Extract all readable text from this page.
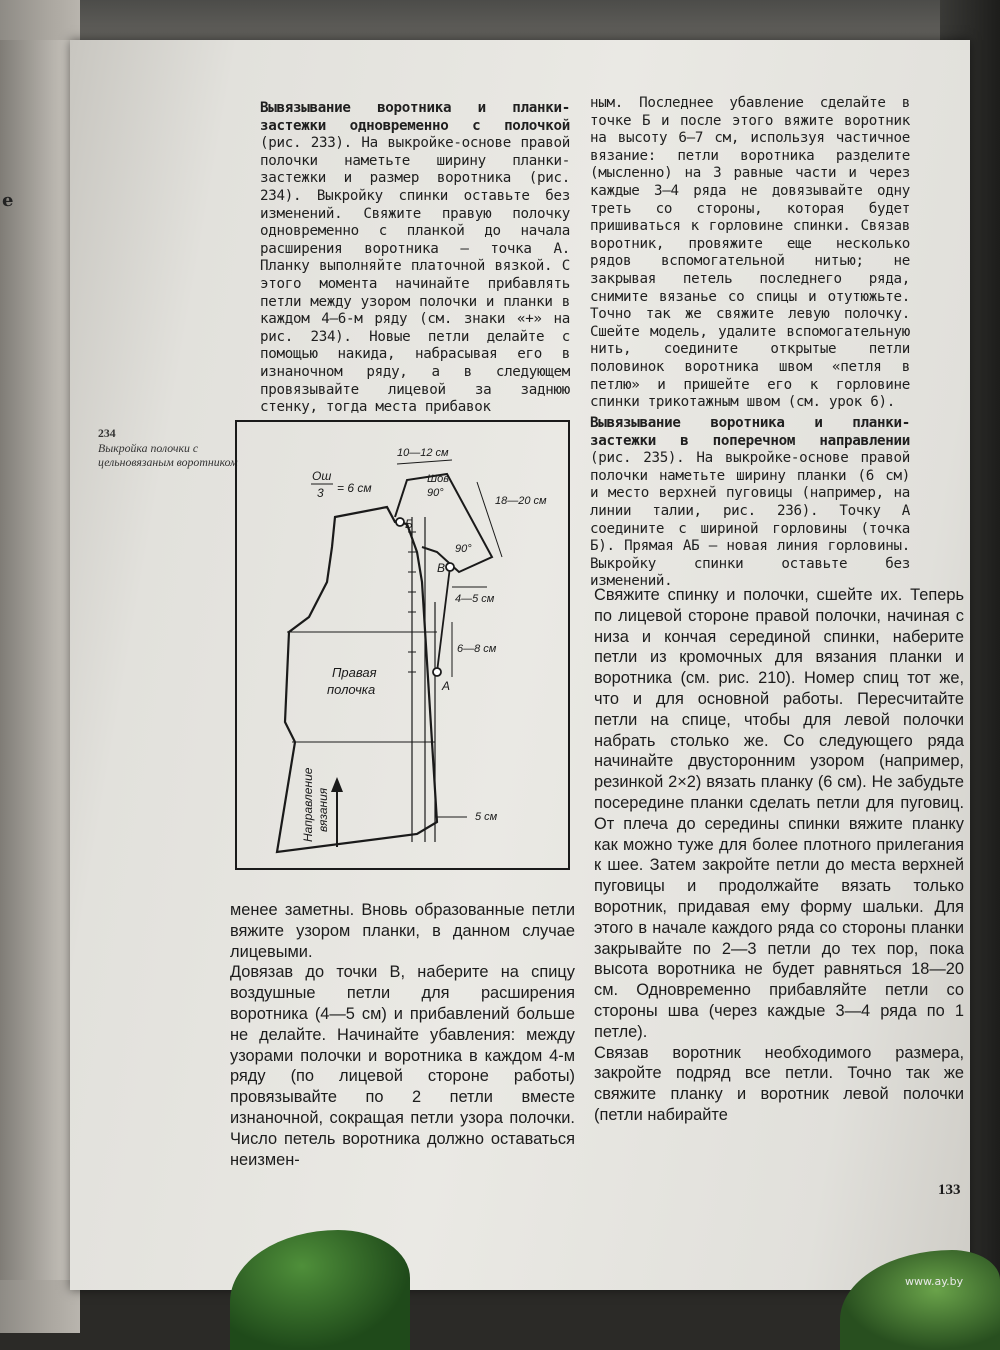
e

Вывязывание воротника и планки-застежки одновременно с полочкой (рис. 233). На выкройке-основе правой полочки наметьте ширину планки-застежки и размер воротника (рис. 234). Выкройку спинки оставьте без изменений. Свяжите правую полочку одновременно с планкой до начала расширения воротника — точка А. Планку выполняйте платочной вязкой. С этого момента начинайте прибавлять петли между узором полочки и планки в каждом 4—6-м ряду (см. знаки «+» на рис. 234). Новые петли делайте с помощью накида, набрасывая его в изнаночном ряду, а в следующем провязывайте лицевой за заднюю стенку, тогда места прибавок

ным. Последнее убавление сделайте в точке Б и после этого вяжите воротник на высоту 6—7 см, используя частичное вязание: петли воротника разделите (мысленно) на 3 равные части и через каждые 3—4 ряда не довязывайте одну треть со стороны, которая будет пришиваться к горловине спинки. Связав воротник, провяжите еще несколько рядов вспомогательной нитью; не закрывая петель последнего ряда, снимите вязанье со спицы и отутюжьте. Точно так же свяжите левую полочку. Сшейте модель, удалите вспомогательную нить, соедините открытые петли половинок воротника швом «петля в петлю» и пришейте его к горловине спинки трикотажным швом (см. урок 6).

Вывязывание воротника и планки-застежки в поперечном направлении (рис. 235). На выкройке-основе правой полочки наметьте ширину планки (6 см) и место верхней пуговицы (например, на линии талии, рис. 236). Точку А соедините с шириной горловины (точка Б). Прямая АБ — новая линия горловины. Выкройку спинки оставьте без изменений.

234
Выкройка полочки с цельновязаным воротником
Ош
3 = 6 см
10—12 см
Шов
90°
18—20 см
Б
90°
В
4—5 см
6—8 см
А
5 см
Правая
полочка
Направление вязания

менее заметны. Вновь образованные петли вяжите узором планки, в данном случае лицевыми.

Довязав до точки В, наберите на спицу воздушные петли для расширения воротника (4—5 см) и прибавлений больше не делайте. Начинайте убавления: между узорами полочки и воротника в каждом 4-м ряду (по лицевой стороне работы) провязывайте по 2 петли вместе изнаночной, сокращая петли узора полочки. Число петель воротника должно оставаться неизмен-

Свяжите спинку и полочки, сшейте их. Теперь по лицевой стороне правой полочки, начиная с низа и кончая серединой спинки, наберите петли из кромочных для вязания планки и воротника (см. рис. 210). Номер спиц тот же, что и для основной работы. Пересчитайте петли на спице, чтобы для левой полочки набрать столько же. Со следующего ряда начинайте двусторонним узором (например, резинкой 2×2) вязать планку (6 см). Не забудьте посередине планки сделать петли для пуговиц. От плеча до середины спинки вяжите планку как можно туже для более плотного прилегания к шее. Затем закройте петли до места верхней пуговицы и продолжайте вязать только воротник, придавая ему форму шальки. Для этого в начале каждого ряда со стороны планки закрывайте по 2—3 петли до тех пор, пока высота воротника не будет равняться 18—20 см. Одновременно прибавляйте петли со стороны шва (через каждые 3—4 ряда по 1 петле).

Связав воротник необходимого размера, закройте подряд все петли. Точно так же свяжите планку и воротник левой полочки (петли набирайте

133
www.ay.by
